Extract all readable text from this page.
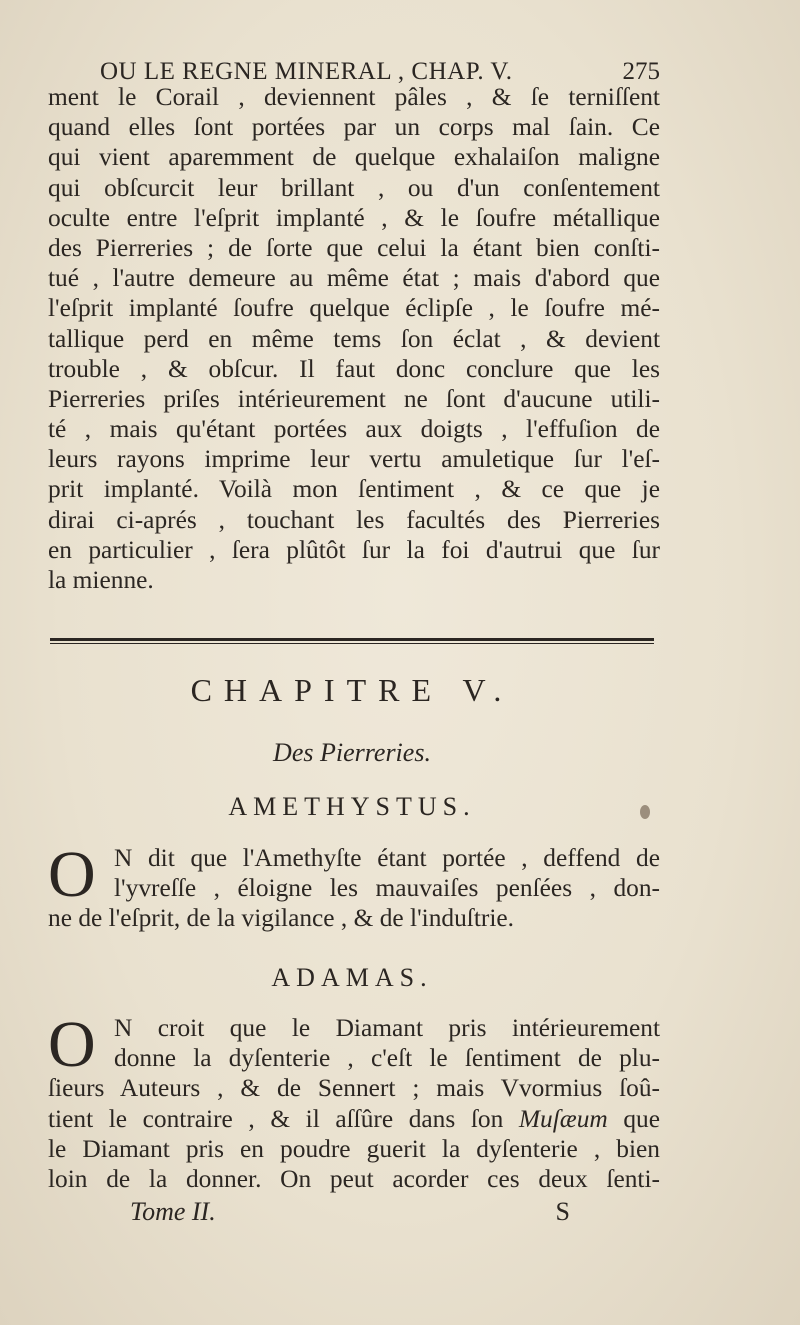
OU LE REGNE MINERAL , CHAP. V.	275
ment le Corail , deviennent pâles , & ſe terniſſent
quand elles ſont portées par un corps mal ſain. Ce
qui vient aparemment de quelque exhalaiſon maligne
qui obſcurcit leur brillant , ou d'un conſentement
oculte entre l'eſprit implanté , & le ſoufre métallique
des Pierreries ; de ſorte que celui la étant bien conſti-
tué , l'autre demeure au même état ; mais d'abord que
l'eſprit implanté ſoufre quelque éclipſe , le ſoufre mé-
tallique perd en même tems ſon éclat , & devient
trouble , & obſcur. Il faut donc conclure que les
Pierreries priſes intérieurement ne ſont d'aucune utili-
té , mais qu'étant portées aux doigts , l'effuſion de
leurs rayons imprime leur vertu amuletique ſur l'eſ-
prit implanté. Voilà mon ſentiment , & ce que je
dirai ci-aprés , touchant les facultés des Pierreries
en particulier , ſera plûtôt ſur la foi d'autrui que ſur
la mienne.
CHAPITRE V.
Des Pierreries.
AMETHYSTUS.
O N dit que l'Amethyſte étant portée , deffend de
l'yvreſſe , éloigne les mauvaiſes penſées , don-
ne de l'eſprit, de la vigilance , & de l'induſtrie.
ADAMAS.
O N croit que le Diamant pris intérieurement
donne la dyſenterie , c'eſt le ſentiment de plu-
ſieurs Auteurs , & de Sennert ; mais Vvormius ſoû-
tient le contraire , & il aſſûre dans ſon Muſæum que
le Diamant pris en poudre guerit la dyſenterie , bien
loin de la donner. On peut acorder ces deux ſenti-
Tome II.	S
